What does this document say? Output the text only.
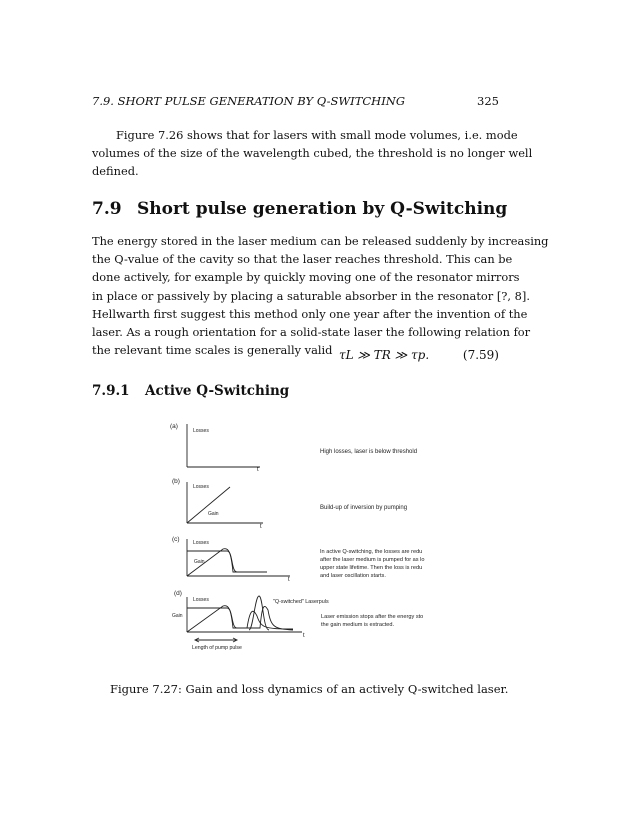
7.9. SHORT PULSE GENERATION BY Q-SWITCHING	325

Figure 7.26 shows that for lasers with small mode volumes, i.e. mode
volumes of the size of the wavelength cubed, the threshold is no longer well
defined.

7.9 Short pulse generation by Q-Switching

The energy stored in the laser medium can be released suddenly by increasing
the Q-value of the cavity so that the laser reaches threshold. This can be
done actively, for example by quickly moving one of the resonator mirrors
in place or passively by placing a saturable absorber in the resonator [?, 8].
Hellwarth first suggest this method only one year after the invention of the
laser. As a rough orientation for a solid-state laser the following relation for
the relevant time scales is generally valid τL ≫ TR ≫ τp.	(7.59)
7.9.1 Active Q-Switching
(a)
Losses
t
High losses, laser is below threshold
(b)
Losses
Gain
t
Build-up of inversion by pumping
(c)	Losses
Gain
t
In active Q-switching, the losses are redu
after the laser medium is pumped for as lo
upper state lifetime. Then the loss is redu
and laser oscillation starts.
(d)
Losses
Gain
t
"Q-switched" Laserpuls
Length of pump pulse
Laser emission stops after the energy sto
the gain medium is extracted.
Figure 7.27: Gain and loss dynamics of an actively Q-switched laser.
